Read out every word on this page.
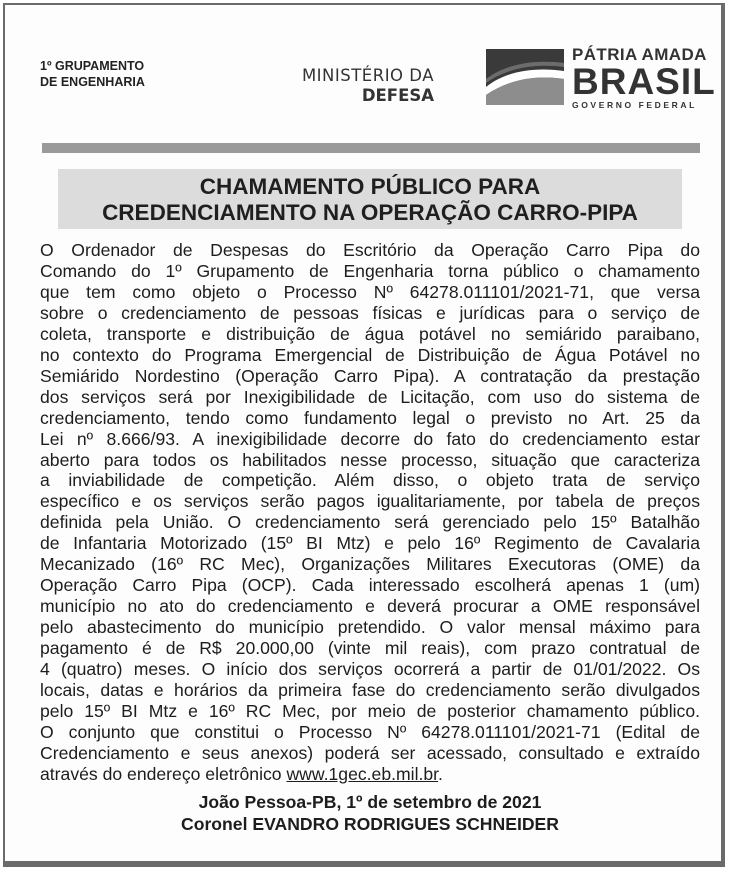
1º GRUPAMENTO
DE ENGENHARIA	MINISTÉRIO DA
DEFESA
PÁTRIA AMADA
BRASIL
GOVERNO FEDERAL
CHAMAMENTO PÚBLICO PARA
CREDENCIAMENTO NA OPERAÇÃO CARRO-PIPA
O Ordenador de Despesas do Escritório da Operação Carro Pipa do
Comando do 1º Grupamento de Engenharia torna público o chamamento
que tem como objeto o Processo Nº 64278.011101/2021-71, que versa
sobre o credenciamento de pessoas físicas e jurídicas para o serviço de
coleta, transporte e distribuição de água potável no semiárido paraibano,
no contexto do Programa Emergencial de Distribuição de Água Potável no
Semiárido Nordestino (Operação Carro Pipa). A contratação da prestação
dos serviços será por Inexigibilidade de Licitação, com uso do sistema de
credenciamento, tendo como fundamento legal o previsto no Art. 25 da
Lei nº 8.666/93. A inexigibilidade decorre do fato do credenciamento estar
aberto para todos os habilitados nesse processo, situação que caracteriza
a inviabilidade de competição. Além disso, o objeto trata de serviço
específico e os serviços serão pagos igualitariamente, por tabela de preços
definida pela União. O credenciamento será gerenciado pelo 15º Batalhão
de Infantaria Motorizado (15º BI Mtz) e pelo 16º Regimento de Cavalaria
Mecanizado (16º RC Mec), Organizações Militares Executoras (OME) da
Operação Carro Pipa (OCP). Cada interessado escolherá apenas 1 (um)
município no ato do credenciamento e deverá procurar a OME responsável
pelo abastecimento do município pretendido. O valor mensal máximo para
pagamento é de R$ 20.000,00 (vinte mil reais), com prazo contratual de
4 (quatro) meses. O início dos serviços ocorrerá a partir de 01/01/2022. Os
locais, datas e horários da primeira fase do credenciamento serão divulgados
pelo 15º BI Mtz e 16º RC Mec, por meio de posterior chamamento público.
O conjunto que constitui o Processo Nº 64278.011101/2021-71 (Edital de
Credenciamento e seus anexos) poderá ser acessado, consultado e extraído
através do endereço eletrônico www.1gec.eb.mil.br.
João Pessoa-PB, 1º de setembro de 2021
Coronel EVANDRO RODRIGUES SCHNEIDER
